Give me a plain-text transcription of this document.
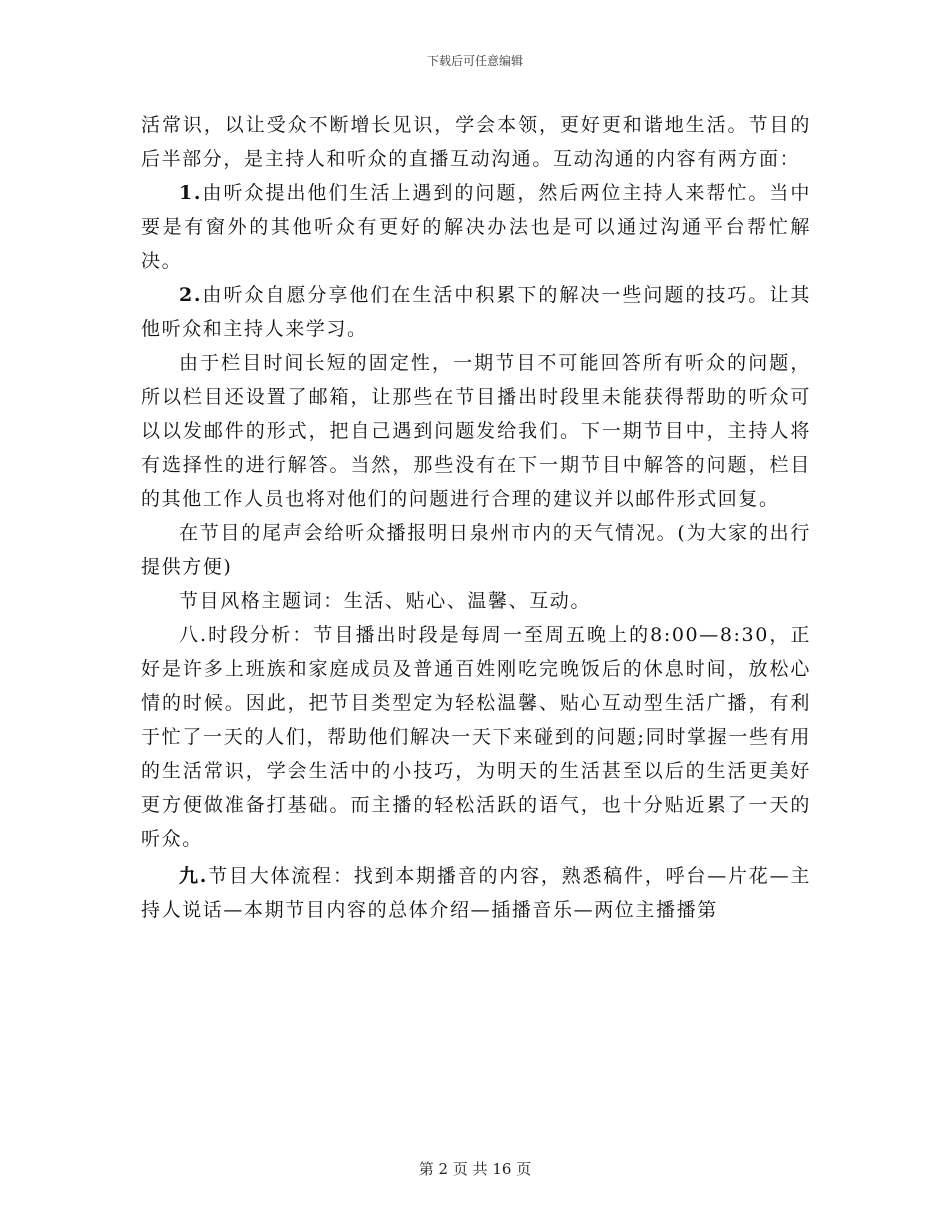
下载后可任意编辑

活常识，以让受众不断增长见识，学会本领，更好更和谐地生活。节目的后半部分，是主持人和听众的直播互动沟通。互动沟通的内容有两方面：

1.由听众提出他们生活上遇到的问题，然后两位主持人来帮忙。当中要是有窗外的其他听众有更好的解决办法也是可以通过沟通平台帮忙解决。

2.由听众自愿分享他们在生活中积累下的解决一些问题的技巧。让其他听众和主持人来学习。

由于栏目时间长短的固定性，一期节目不可能回答所有听众的问题，所以栏目还设置了邮箱，让那些在节目播出时段里未能获得帮助的听众可以以发邮件的形式，把自己遇到问题发给我们。下一期节目中，主持人将有选择性的进行解答。当然，那些没有在下一期节目中解答的问题，栏目的其他工作人员也将对他们的问题进行合理的建议并以邮件形式回复。

在节目的尾声会给听众播报明日泉州市内的天气情况。(为大家的出行提供方便)

节目风格主题词：生活、贴心、温馨、互动。

八.时段分析：节目播出时段是每周一至周五晚上的8:00—8:30，正好是许多上班族和家庭成员及普通百姓刚吃完晚饭后的休息时间，放松心情的时候。因此，把节目类型定为轻松温馨、贴心互动型生活广播，有利于忙了一天的人们，帮助他们解决一天下来碰到的问题;同时掌握一些有用的生活常识，学会生活中的小技巧，为明天的生活甚至以后的生活更美好更方便做准备打基础。而主播的轻松活跃的语气，也十分贴近累了一天的听众。

九.节目大体流程：找到本期播音的内容，熟悉稿件，呼台—片花—主持人说话—本期节目内容的总体介绍—插播音乐—两位主播播第

第 2 页 共 16 页
